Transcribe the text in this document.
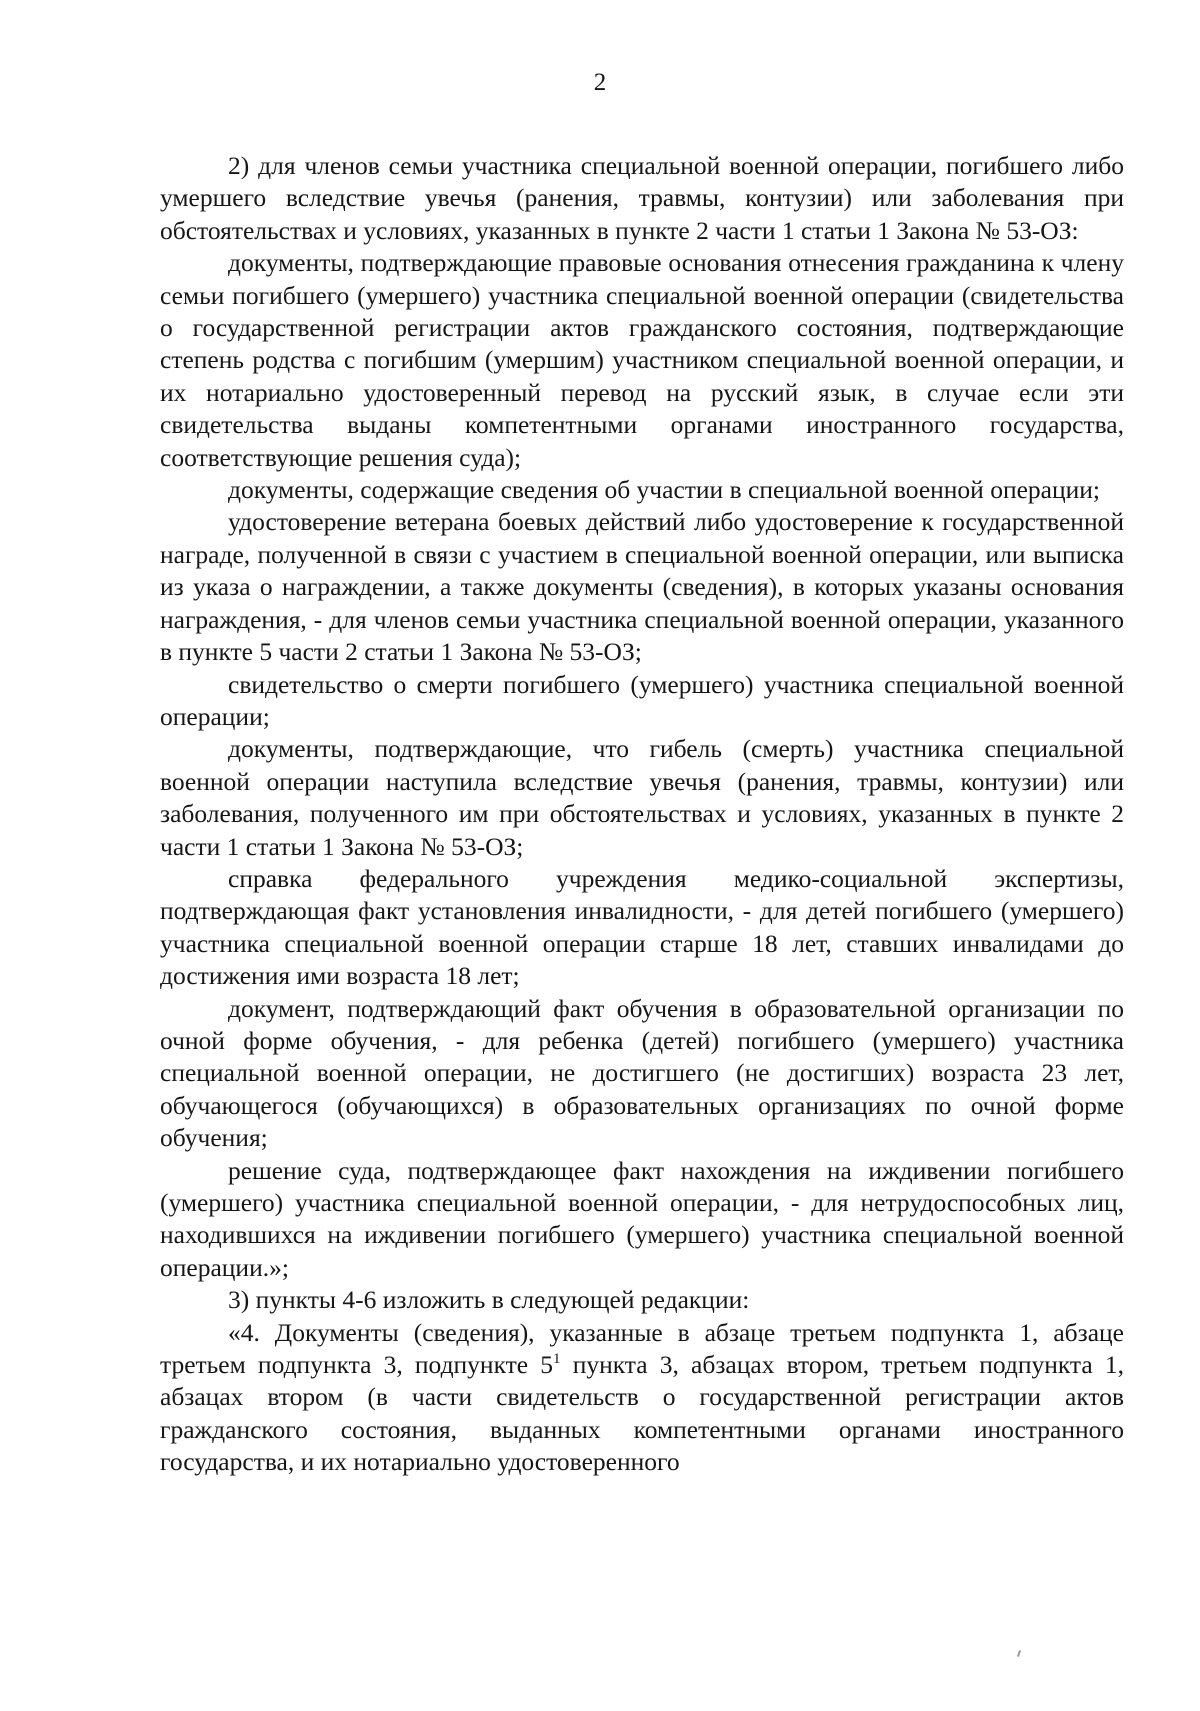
2

2) для членов семьи участника специальной военной операции, погибшего либо умершего вследствие увечья (ранения, травмы, контузии) или заболевания при обстоятельствах и условиях, указанных в пункте 2 части 1 статьи 1 Закона № 53-ОЗ:

документы, подтверждающие правовые основания отнесения гражданина к члену семьи погибшего (умершего) участника специальной военной операции (свидетельства о государственной регистрации актов гражданского состояния, подтверждающие степень родства с погибшим (умершим) участником специальной военной операции, и их нотариально удостоверенный перевод на русский язык, в случае если эти свидетельства выданы компетентными органами иностранного государства, соответствующие решения суда);

документы, содержащие сведения об участии в специальной военной операции;

удостоверение ветерана боевых действий либо удостоверение к государственной награде, полученной в связи с участием в специальной военной операции, или выписка из указа о награждении, а также документы (сведения), в которых указаны основания награждения, - для членов семьи участника специальной военной операции, указанного в пункте 5 части 2 статьи 1 Закона № 53-ОЗ;

свидетельство о смерти погибшего (умершего) участника специальной военной операции;

документы, подтверждающие, что гибель (смерть) участника специальной военной операции наступила вследствие увечья (ранения, травмы, контузии) или заболевания, полученного им при обстоятельствах и условиях, указанных в пункте 2 части 1 статьи 1 Закона № 53-ОЗ;

справка федерального учреждения медико-социальной экспертизы, подтверждающая факт установления инвалидности, - для детей погибшего (умершего) участника специальной военной операции старше 18 лет, ставших инвалидами до достижения ими возраста 18 лет;

документ, подтверждающий факт обучения в образовательной организации по очной форме обучения, - для ребенка (детей) погибшего (умершего) участника специальной военной операции, не достигшего (не достигших) возраста 23 лет, обучающегося (обучающихся) в образовательных организациях по очной форме обучения;

решение суда, подтверждающее факт нахождения на иждивении погибшего (умершего) участника специальной военной операции, - для нетрудоспособных лиц, находившихся на иждивении погибшего (умершего) участника специальной военной операции.»;

3) пункты 4-6 изложить в следующей редакции:

«4. Документы (сведения), указанные в абзаце третьем подпункта 1, абзаце третьем подпункта 3, подпункте $5^1$ пункта 3, абзацах втором, третьем подпункта 1, абзацах втором (в части свидетельств о государственной регистрации актов гражданского состояния, выданных компетентными органами иностранного государства, и их нотариально удостоверенного
